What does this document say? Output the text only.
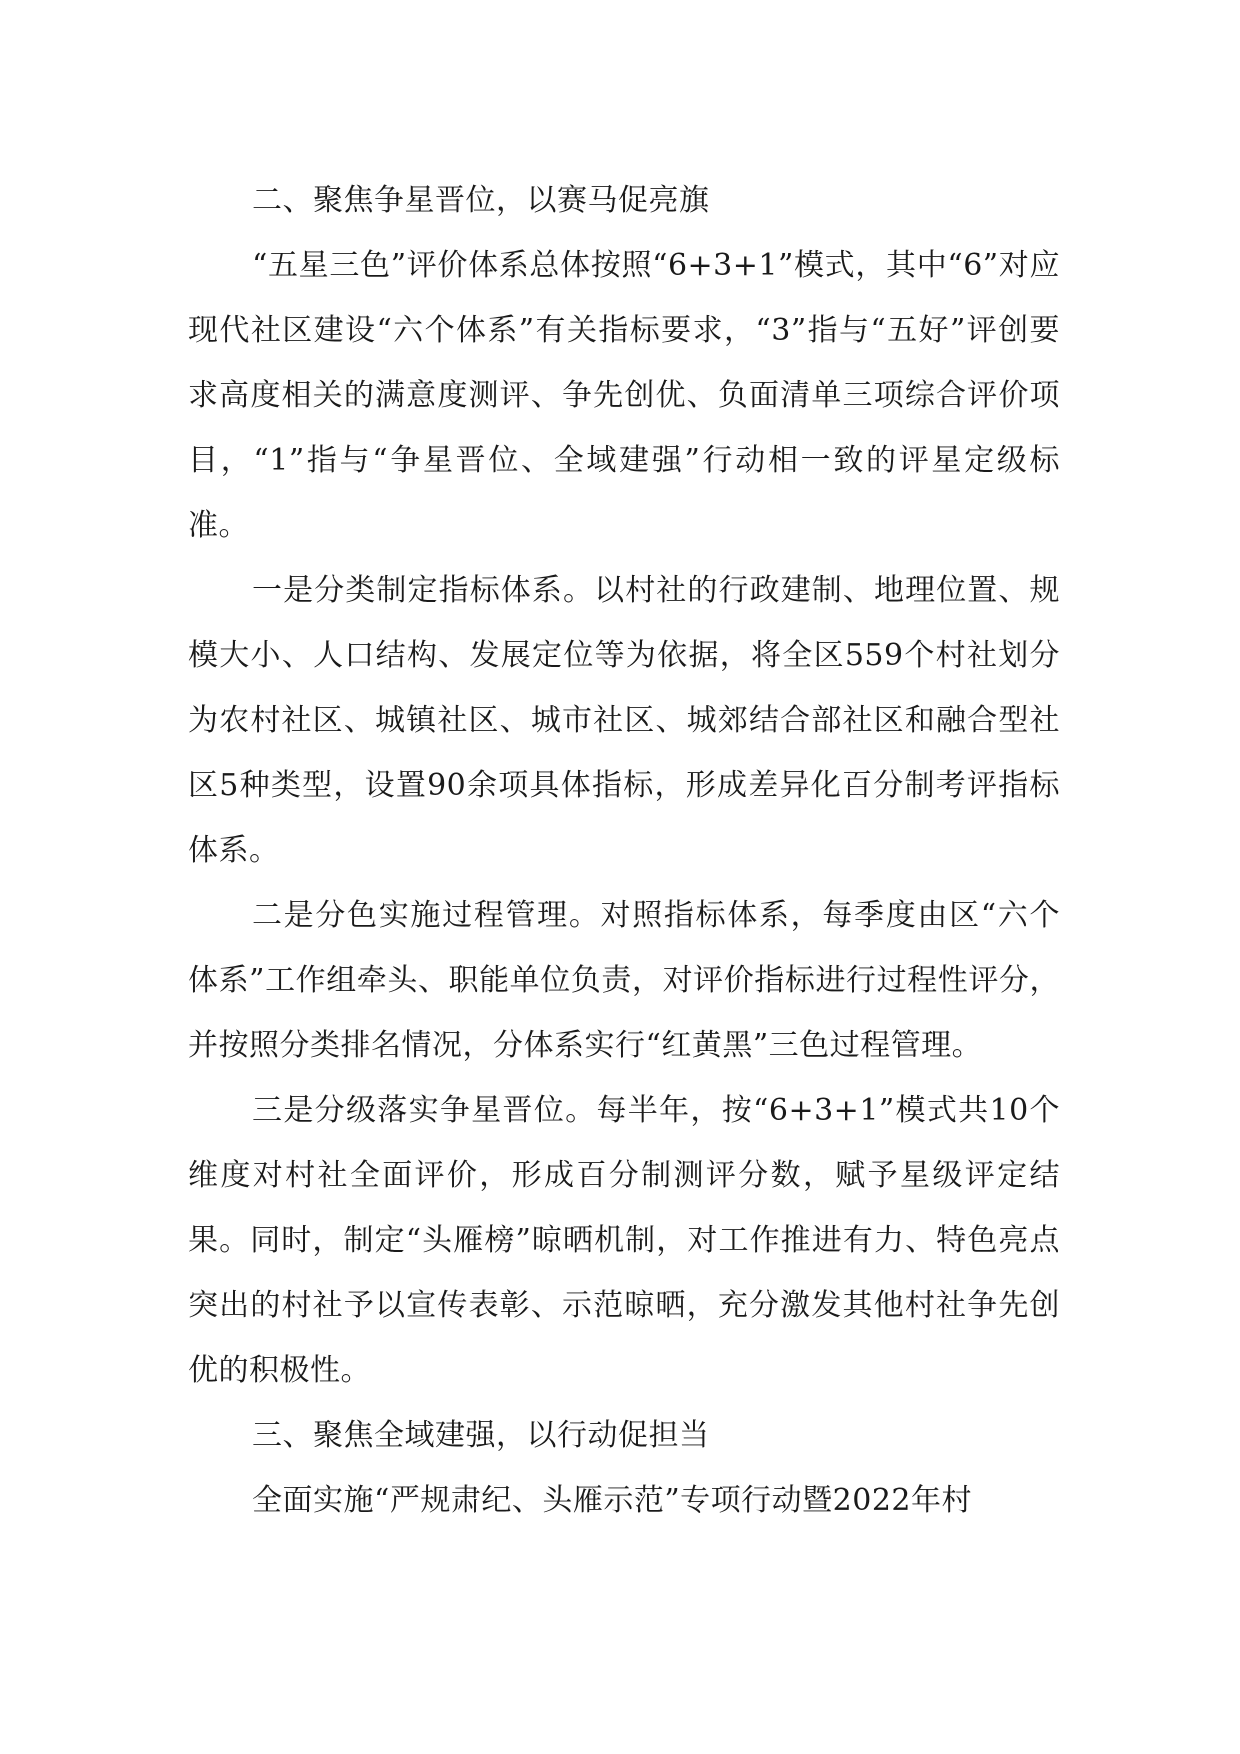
二、聚焦争星晋位，以赛马促亮旗

“五星三色”评价体系总体按照“6+3+1”模式，其中“6”对应现代社区建设“六个体系”有关指标要求，“3”指与“五好”评创要求高度相关的满意度测评、争先创优、负面清单三项综合评价项目，“1”指与“争星晋位、全域建强”行动相一致的评星定级标准。

一是分类制定指标体系。以村社的行政建制、地理位置、规模大小、人口结构、发展定位等为依据，将全区559个村社划分为农村社区、城镇社区、城市社区、城郊结合部社区和融合型社区5种类型，设置90余项具体指标，形成差异化百分制考评指标体系。

二是分色实施过程管理。对照指标体系，每季度由区“六个体系”工作组牵头、职能单位负责，对评价指标进行过程性评分，并按照分类排名情况，分体系实行“红黄黑”三色过程管理。

三是分级落实争星晋位。每半年，按“6+3+1”模式共10个维度对村社全面评价，形成百分制测评分数，赋予星级评定结果。同时，制定“头雁榜”晾晒机制，对工作推进有力、特色亮点突出的村社予以宣传表彰、示范晾晒，充分激发其他村社争先创优的积极性。

三、聚焦全域建强，以行动促担当

全面实施“严规肃纪、头雁示范”专项行动暨2022年村
